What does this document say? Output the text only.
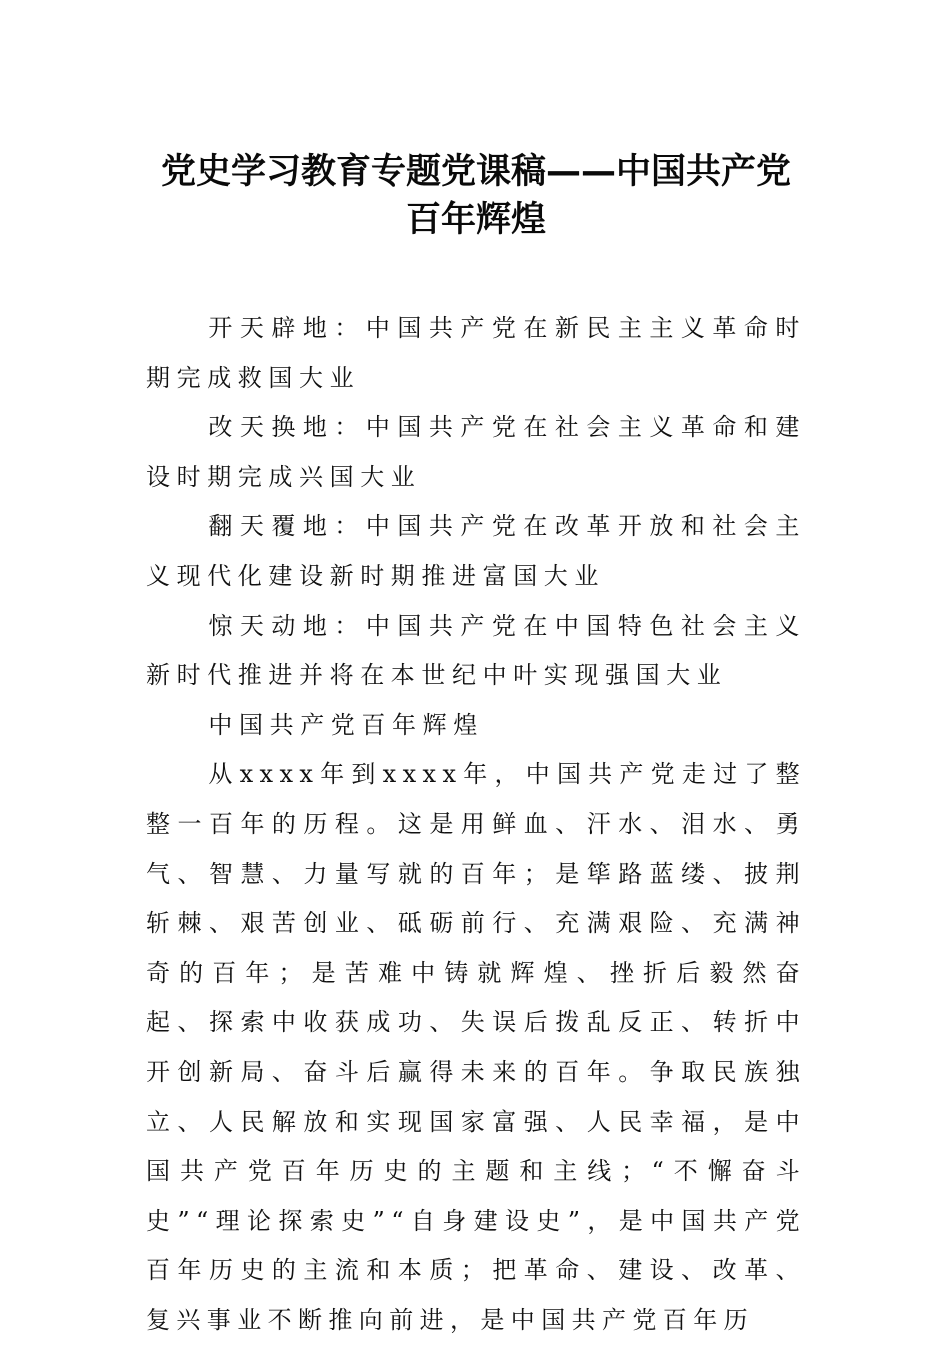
党史学习教育专题党课稿——中国共产党
百年辉煌

开天辟地：中国共产党在新民主主义革命时期完成救国大业

改天换地：中国共产党在社会主义革命和建设时期完成兴国大业

翻天覆地：中国共产党在改革开放和社会主义现代化建设新时期推进富国大业

惊天动地：中国共产党在中国特色社会主义新时代推进并将在本世纪中叶实现强国大业

中国共产党百年辉煌

从xxxx年到xxxx年，中国共产党走过了整整一百年的历程。这是用鲜血、汗水、泪水、勇气、智慧、力量写就的百年；是筚路蓝缕、披荆斩棘、艰苦创业、砥砺前行、充满艰险、充满神奇的百年；是苦难中铸就辉煌、挫折后毅然奋起、探索中收获成功、失误后拨乱反正、转折中开创新局、奋斗后赢得未来的百年。争取民族独立、人民解放和实现国家富强、人民幸福，是中国共产党百年历史的主题和主线；“不懈奋斗史”“理论探索史”“自身建设史”，是中国共产党百年历史的主流和本质；把革命、建设、改革、复兴事业不断推向前进，是中国共产党百年历
